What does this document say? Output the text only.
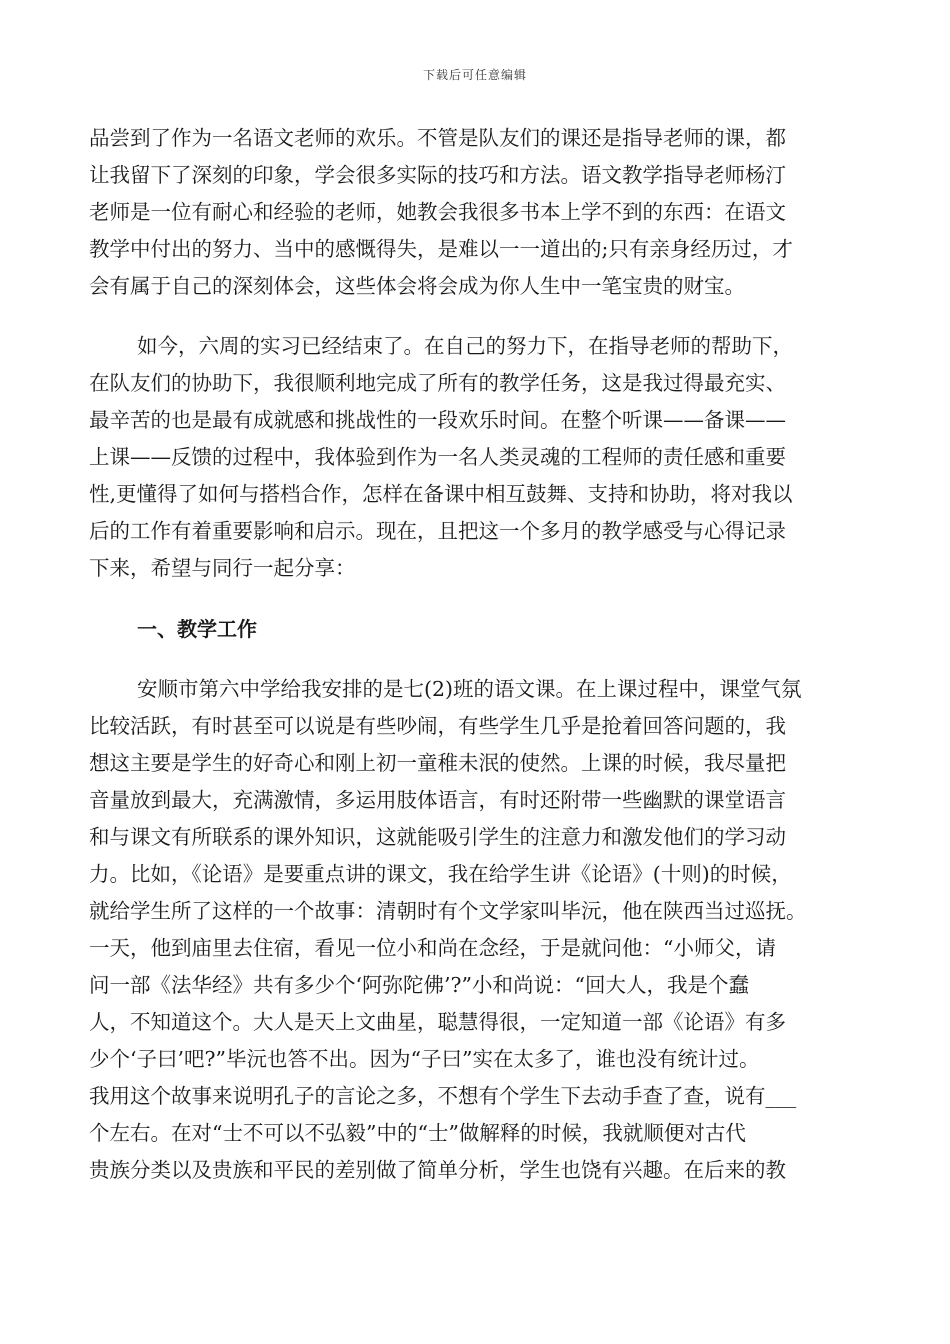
下载后可任意编辑
品尝到了作为一名语文老师的欢乐。不管是队友们的课还是指导老师的课，都
让我留下了深刻的印象，学会很多实际的技巧和方法。语文教学指导老师杨汀
老师是一位有耐心和经验的老师，她教会我很多书本上学不到的东西：在语文
教学中付出的努力、当中的感慨得失，是难以一一道出的;只有亲身经历过，才
会有属于自己的深刻体会，这些体会将会成为你人生中一笔宝贵的财宝。
如今，六周的实习已经结束了。在自己的努力下，在指导老师的帮助下，
在队友们的协助下，我很顺利地完成了所有的教学任务，这是我过得最充实、
最辛苦的也是最有成就感和挑战性的一段欢乐时间。在整个听课——备课——
上课——反馈的过程中，我体验到作为一名人类灵魂的工程师的责任感和重要
性,更懂得了如何与搭档合作，怎样在备课中相互鼓舞、支持和协助，将对我以
后的工作有着重要影响和启示。现在，且把这一个多月的教学感受与心得记录
下来，希望与同行一起分享：
一、教学工作
安顺市第六中学给我安排的是七(2)班的语文课。在上课过程中，课堂气氛
比较活跃，有时甚至可以说是有些吵闹，有些学生几乎是抢着回答问题的，我
想这主要是学生的好奇心和刚上初一童稚未泯的使然。上课的时候，我尽量把
音量放到最大，充满激情，多运用肢体语言，有时还附带一些幽默的课堂语言
和与课文有所联系的课外知识，这就能吸引学生的注意力和激发他们的学习动
力。比如，《论语》是要重点讲的课文，我在给学生讲《论语》(十则)的时候，
就给学生所了这样的一个故事：清朝时有个文学家叫毕沅，他在陕西当过巡抚。
一天，他到庙里去住宿，看见一位小和尚在念经，于是就问他：“小师父，请
问一部《法华经》共有多少个‘阿弥陀佛’?”小和尚说：“回大人，我是个蠢
人，不知道这个。大人是天上文曲星，聪慧得很，一定知道一部《论语》有多
少个‘子曰’吧?”毕沅也答不出。因为“子曰”实在太多了，谁也没有统计过。
我用这个故事来说明孔子的言论之多，不想有个学生下去动手查了查，说有___
个左右。在对“士不可以不弘毅”中的“士”做解释的时候，我就顺便对古代
贵族分类以及贵族和平民的差别做了简单分析，学生也饶有兴趣。在后来的教
